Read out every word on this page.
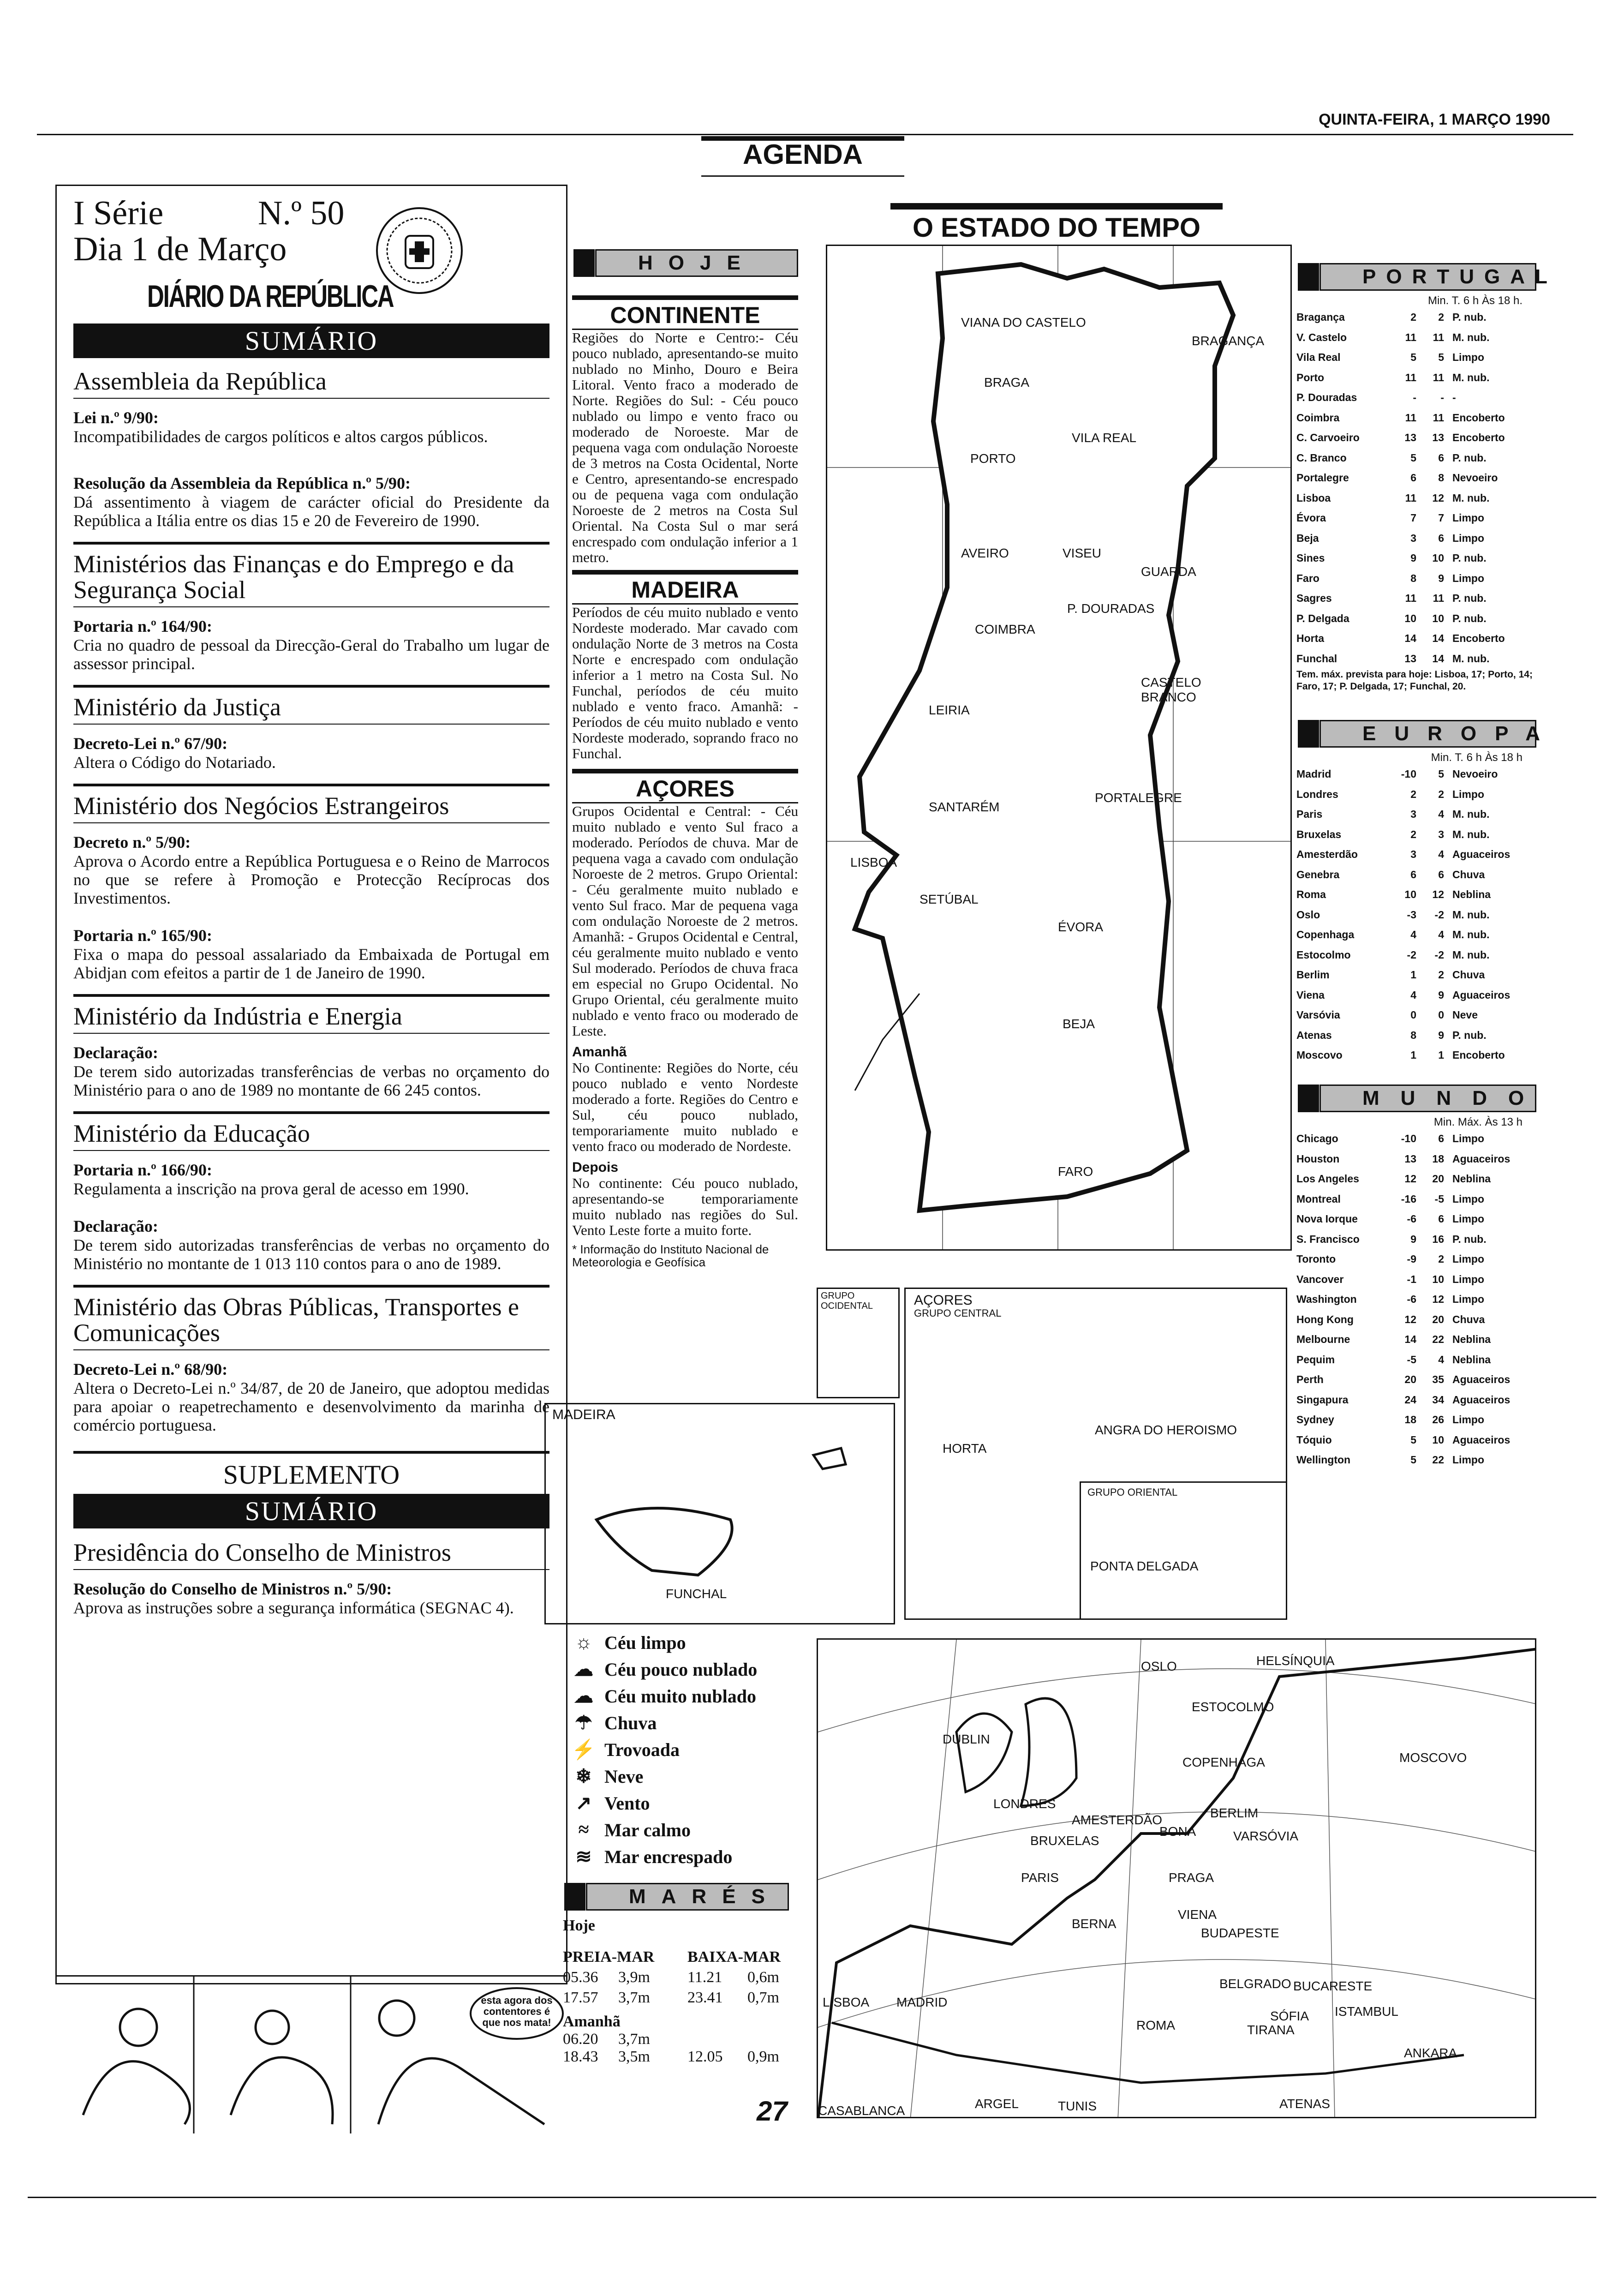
QUINTA-FEIRA, 1 MARÇO 1990
AGENDA
I Série	N.º 50
Dia 1 de Março
DIÁRIO DA REPÚBLICA
SUMÁRIO
Assembleia da República
Lei n.º 9/90:
Incompatibilidades de cargos políticos e altos cargos públicos.
Resolução da Assembleia da República n.º 5/90:
Dá assentimento à viagem de carácter oficial do Presidente da República a Itália entre os dias 15 e 20 de Fevereiro de 1990.
Ministérios das Finanças e do Emprego e da Segurança Social
Portaria n.º 164/90:
Cria no quadro de pessoal da Direcção-Geral do Trabalho um lugar de assessor principal.
Ministério da Justiça
Decreto-Lei n.º 67/90:
Altera o Código do Notariado.
Ministério dos Negócios Estrangeiros
Decreto n.º 5/90:
Aprova o Acordo entre a República Portuguesa e o Reino de Marrocos no que se refere à Promoção e Protecção Recíprocas dos Investimentos.
Portaria n.º 165/90:
Fixa o mapa do pessoal assalariado da Embaixada de Portugal em Abidjan com efeitos a partir de 1 de Janeiro de 1990.
Ministério da Indústria e Energia
Declaração:
De terem sido autorizadas transferências de verbas no orçamento do Ministério para o ano de 1989 no montante de 66 245 contos.
Ministério da Educação
Portaria n.º 166/90:
Regulamenta a inscrição na prova geral de acesso em 1990.
Declaração:
De terem sido autorizadas transferências de verbas no orçamento do Ministério no montante de 1 013 110 contos para o ano de 1989.
Ministério das Obras Públicas, Transportes e Comunicações
Decreto-Lei n.º 68/90:
Altera o Decreto-Lei n.º 34/87, de 20 de Janeiro, que adoptou medidas para apoiar o reapetrechamento e desenvolvimento da marinha de comércio portuguesa.
SUPLEMENTO
SUMÁRIO
Presidência do Conselho de Ministros
Resolução do Conselho de Ministros n.º 5/90:
Aprova as instruções sobre a segurança informática (SEGNAC 4).
esta agora dos contentores é que nos mata!
O ESTADO DO TEMPO
HOJE
CONTINENTE
Regiões do Norte e Centro:- Céu pouco nublado, apresentando-se muito nublado no Minho, Douro e Beira Litoral. Vento fraco a moderado de Norte. Regiões do Sul: - Céu pouco nublado ou limpo e vento fraco ou moderado de Noroeste. Mar de pequena vaga com ondulação Noroeste de 3 metros na Costa Ocidental, Norte e Centro, apresentando-se encrespado ou de pequena vaga com ondulação Noroeste de 2 metros na Costa Sul Oriental. Na Costa Sul o mar será encrespado com ondulação inferior a 1 metro.
MADEIRA
Períodos de céu muito nublado e vento Nordeste moderado. Mar cavado com ondulação Norte de 3 metros na Costa Norte e encrespado com ondulação inferior a 1 metro na Costa Sul. No Funchal, períodos de céu muito nublado e vento fraco. Amanhã: - Períodos de céu muito nublado e vento Nordeste moderado, soprando fraco no Funchal.
AÇORES
Grupos Ocidental e Central: - Céu muito nublado e vento Sul fraco a moderado. Períodos de chuva. Mar de pequena vaga a cavado com ondulação Noroeste de 2 metros. Grupo Oriental: - Céu geralmente muito nublado e vento Sul fraco. Mar de pequena vaga com ondulação Noroeste de 2 metros. Amanhã: - Grupos Ocidental e Central, céu geralmente muito nublado e vento Sul moderado. Períodos de chuva fraca em especial no Grupo Ocidental. No Grupo Oriental, céu geralmente muito nublado e vento fraco ou moderado de Leste.
Amanhã
No Continente: Regiões do Norte, céu pouco nublado e vento Nordeste moderado a forte. Regiões do Centro e Sul, céu pouco nublado, temporariamente muito nublado e vento fraco ou moderado de Nordeste.
Depois
No continente: Céu pouco nublado, apresentando-se temporariamente muito nublado nas regiões do Sul. Vento Leste forte a muito forte.
* Informação do Instituto Nacional de Meteorologia e Geofísica
VIANA DO CASTELO
BRAGANÇA
BRAGA
VILA REAL
PORTO
AVEIRO	VISEU
GUARDA
P. DOURADAS
COIMBRA
CASTELO BRANCO
LEIRIA
SANTARÉM
PORTALEGRE
LISBOA
SETÚBAL
ÉVORA
BEJA
FARO
GRUPO OCIDENTAL	AÇORES
GRUPO CENTRAL
HORTA
ANGRA DO HEROISMO
GRUPO ORIENTAL
PONTA DELGADA
MADEIRA
FUNCHAL
☼ Céu limpo
☁ Céu pouco nublado
☁ Céu muito nublado
☂ Chuva
⚡ Trovoada
❄ Neve
↗ Vento
≈ Mar calmo
≋ Mar encrespado
MARÉS
Hoje
PREIA-MAR	BAIXA-MAR
05.36	3,9m	11.21	0,6m
17.57	3,7m	23.41	0,7m
Amanhã
06.20	3,7m
18.43	3,5m	12.05	0,9m
OSLO	HELSÍNQUIA
ESTOCOLMO
DUBLIN
COPENHAGA	MOSCOVO
LONDRES
AMESTERDÃO	BERLIM
BRUXELAS
BONA	VARSÓVIA
PARIS	PRAGA
BERNA
VIENA
BUDAPESTE
BELGRADO BUCARESTE
LISBOA MADRID
ROMA
ISTAMBUL
SÓFIA
TIRANA
ANKARA
ARGEL	TUNIS	ATENAS
CASABLANCA
PORTUGAL
Min. T. 6 h Às 18 h.
Bragança	2	2 P. nub.
V. Castelo	11	11 M. nub.
Vila Real	5	5 Limpo
Porto	11	11 M. nub.
P. Douradas	-	- -
Coimbra	11	11 Encoberto
C. Carvoeiro	13	13 Encoberto
C. Branco	5	6 P. nub.
Portalegre	6	8 Nevoeiro
Lisboa	11	12 M. nub.
Évora	7	7 Limpo
Beja	3	6 Limpo
Sines	9	10 P. nub.
Faro	8	9 Limpo
Sagres	11	11 P. nub.
P. Delgada	10	10 P. nub.
Horta	14	14 Encoberto
Funchal	13	14 M. nub.
Tem. máx. prevista para hoje: Lisboa, 17; Porto, 14; Faro, 17; P. Delgada, 17; Funchal, 20.
EUROPA
Min. T. 6 h Às 18 h
Madrid	-10	5 Nevoeiro
Londres	2	2 Limpo
Paris	3	4 M. nub.
Bruxelas	2	3 M. nub.
Amesterdão	3	4 Aguaceiros
Genebra	6	6 Chuva
Roma	10	12 Neblina
Oslo	-3	-2 M. nub.
Copenhaga	4	4 M. nub.
Estocolmo	-2	-2 M. nub.
Berlim	1	2 Chuva
Viena	4	9 Aguaceiros
Varsóvia	0	0 Neve
Atenas	8	9 P. nub.
Moscovo	1	1 Encoberto
MUNDO
Min. Máx. Às 13 h
Chicago	-10	6 Limpo
Houston	13	18 Aguaceiros
Los Angeles	12	20 Neblina
Montreal	-16	-5 Limpo
Nova Iorque	-6	6 Limpo
S. Francisco	9	16 P. nub.
Toronto	-9	2 Limpo
Vancover	-1	10 Limpo
Washington	-6	12 Limpo
Hong Kong	12	20 Chuva
Melbourne	14	22 Neblina
Pequim	-5	4 Neblina
Perth	20	35 Aguaceiros
Singapura	24	34 Aguaceiros
Sydney	18	26 Limpo
Tóquio	5	10 Aguaceiros
Wellington	5	22 Limpo
27
